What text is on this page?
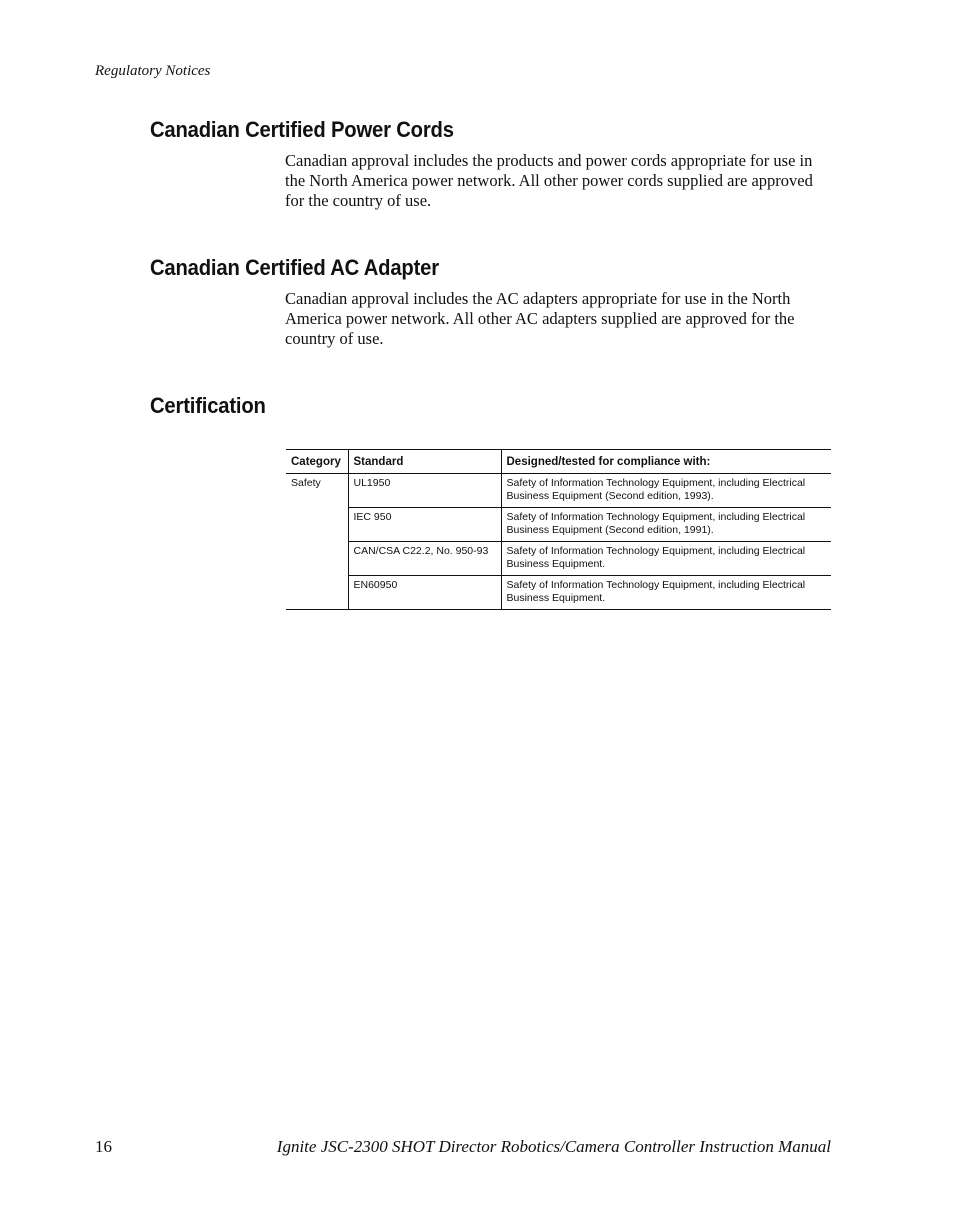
Regulatory Notices
Canadian Certified Power Cords

Canadian approval includes the products and power cords appropriate for use in the North America power network. All other power cords supplied are approved for the country of use.

Canadian Certified AC Adapter

Canadian approval includes the AC adapters appropriate for use in the North America power network. All other AC adapters supplied are approved for the country of use.

Certification
Category	Standard	Designed/tested for compliance with:
Safety	UL1950	Safety of Information Technology Equipment, including Electrical Business Equipment (Second edition, 1993).
	IEC 950	Safety of Information Technology Equipment, including Electrical Business Equipment (Second edition, 1991).
	CAN/CSA C22.2, No. 950-93	Safety of Information Technology Equipment, including Electrical Business Equipment.
	EN60950	Safety of Information Technology Equipment, including Electrical Business Equipment.
16	Ignite JSC-2300 SHOT Director Robotics/Camera Controller Instruction Manual
